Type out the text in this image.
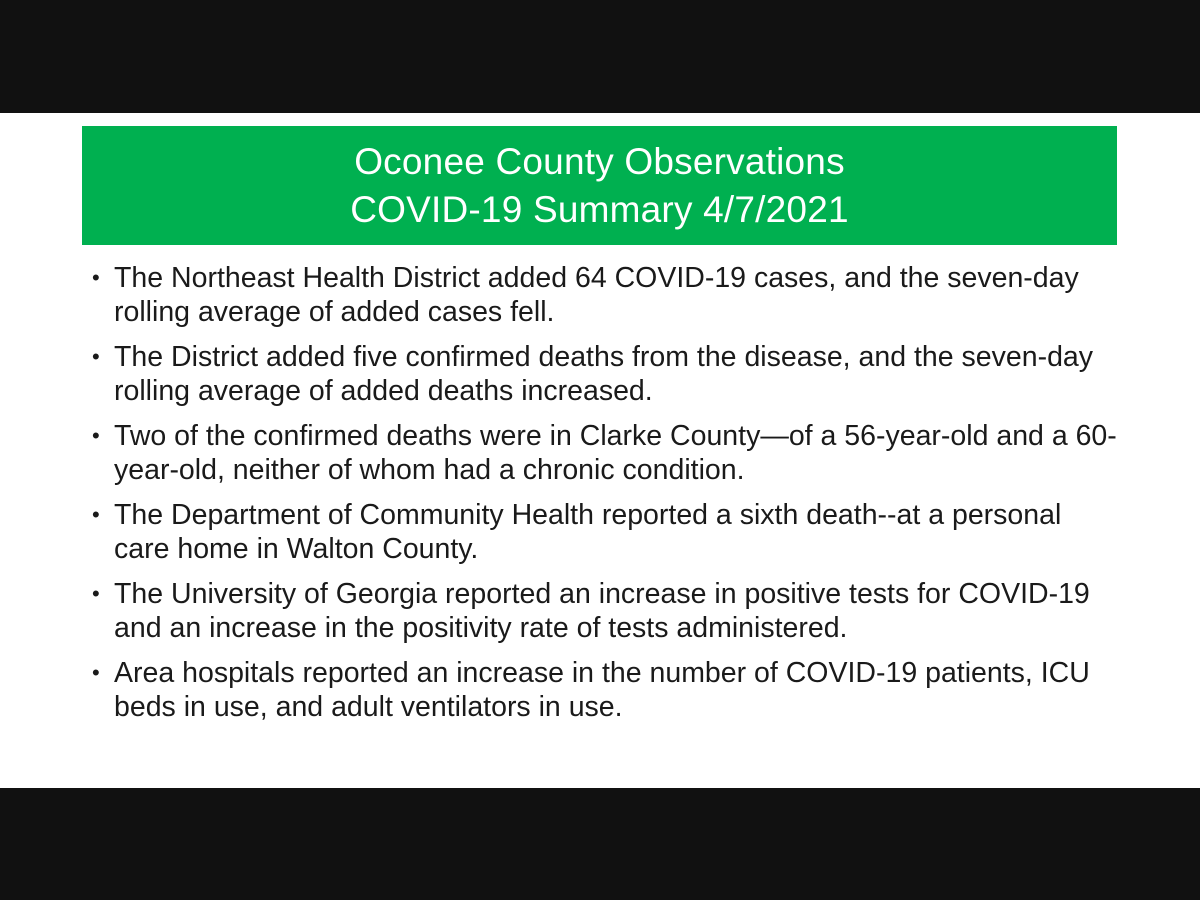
Oconee County Observations
COVID-19 Summary 4/7/2021
• The Northeast Health District added 64 COVID-19 cases, and the seven-day rolling average of added cases fell.
• The District added five confirmed deaths from the disease, and the seven-day rolling average of added deaths increased.
• Two of the confirmed deaths were in Clarke County—of a 56-year-old and a 60-year-old, neither of whom had a chronic condition.
• The Department of Community Health reported a sixth death--at a personal care home in Walton County.
• The University of Georgia reported an increase in positive tests for COVID-19 and an increase in the positivity rate of tests administered.
• Area hospitals reported an increase in the number of COVID-19 patients, ICU beds in use, and adult ventilators in use.
